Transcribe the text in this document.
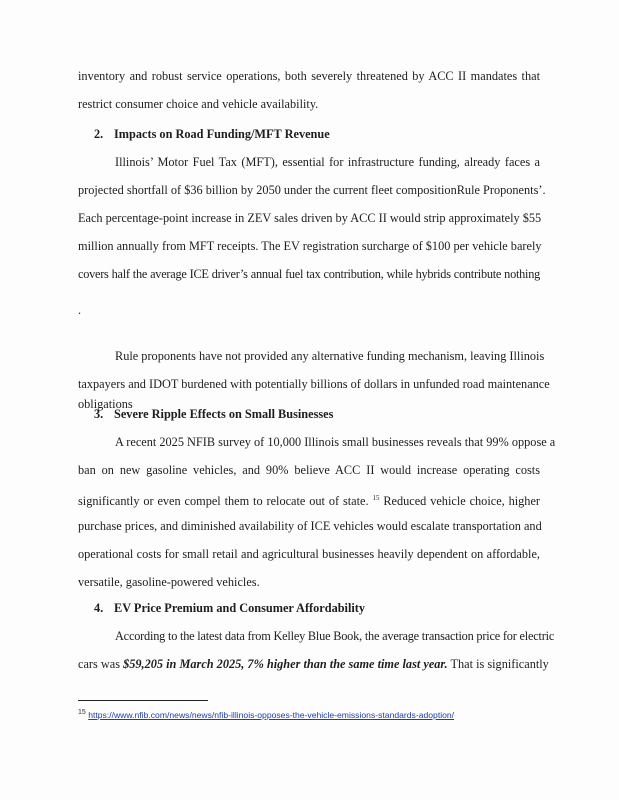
inventory and robust service operations, both severely threatened by ACC II mandates that
restrict consumer choice and vehicle availability.
2. Impacts on Road Funding/MFT Revenue
Illinois’ Motor Fuel Tax (MFT), essential for infrastructure funding, already faces a
projected shortfall of $36 billion by 2050 under the current fleet compositionRule Proponents’.
Each percentage-point increase in ZEV sales driven by ACC II would strip approximately $55
million annually from MFT receipts. The EV registration surcharge of $100 per vehicle barely
covers half the average ICE driver’s annual fuel tax contribution, while hybrids contribute nothing
.
Rule proponents have not provided any alternative funding mechanism, leaving Illinois
taxpayers and IDOT burdened with potentially billions of dollars in unfunded road maintenance
obligations
3. Severe Ripple Effects on Small Businesses
A recent 2025 NFIB survey of 10,000 Illinois small businesses reveals that 99% oppose a
ban on new gasoline vehicles, and 90% believe ACC II would increase operating costs
significantly or even compel them to relocate out of state. $^{15}$ Reduced vehicle choice, higher
purchase prices, and diminished availability of ICE vehicles would escalate transportation and
operational costs for small retail and agricultural businesses heavily dependent on affordable,
versatile, gasoline-powered vehicles.
4. EV Price Premium and Consumer Affordability
According to the latest data from Kelley Blue Book, the average transaction price for electric
cars was $59,205 in March 2025, 7% higher than the same time last year. That is significantly
$^{15}$ https://www.nfib.com/news/news/nfib-illinois-opposes-the-vehicle-emissions-standards-adoption/
